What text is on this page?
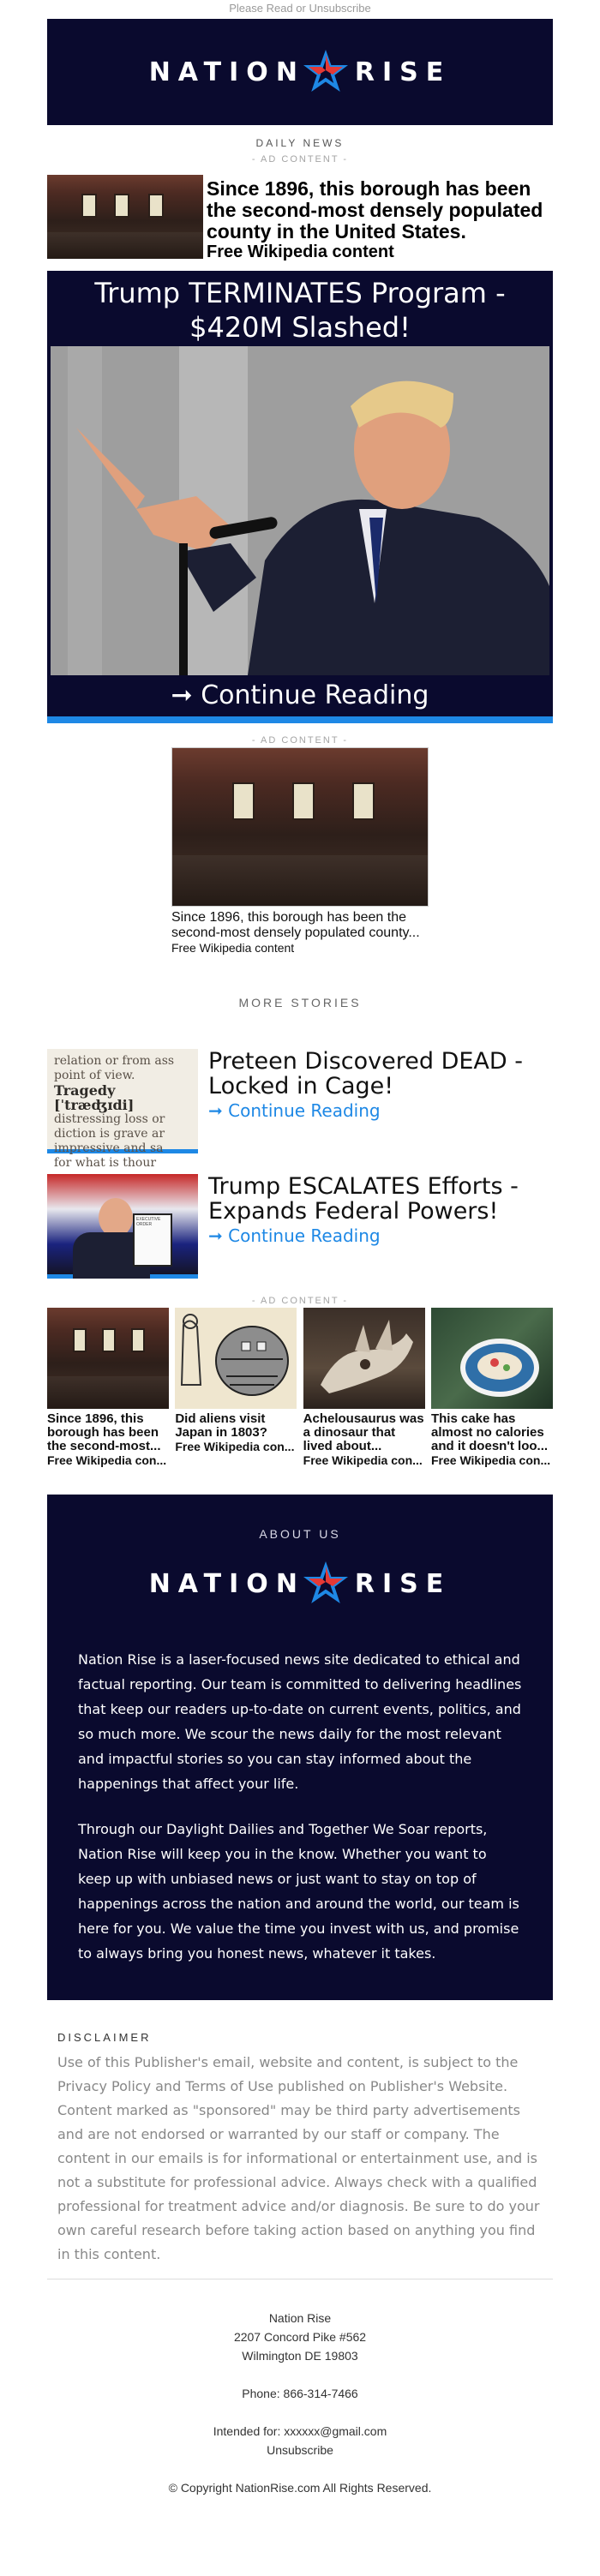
Please Read or Unsubscribe
NATION RISE
DAILY NEWS
- AD CONTENT -
Since 1896, this borough has been the second-most densely populated county in the United States.
Free Wikipedia content
Trump TERMINATES Program - $420M Slashed!
➞ Continue Reading
- AD CONTENT -
Since 1896, this borough has been the second-most densely populated county...
Free Wikipedia content
MORE STORIES
relation or from ass
point of view.
Tragedy [ˈtræʤɪdi]
distressing loss or
diction is grave ar
impressive and sa
for what is thour
Preteen Discovered DEAD - Locked in Cage!
➞ Continue Reading
EXECUTIVE ORDER
Trump ESCALATES Efforts - Expands Federal Powers!
➞ Continue Reading
- AD CONTENT -
Since 1896, this borough has been the second-most...
Free Wikipedia con...
Did aliens visit Japan in 1803?
Free Wikipedia con...
Achelousaurus was a dinosaur that lived about...
Free Wikipedia con...
This cake has almost no calories and it doesn't loo...
Free Wikipedia con...
ABOUT US
NATION RISE

Nation Rise is a laser-focused news site dedicated to ethical and factual reporting. Our team is committed to delivering headlines that keep our readers up-to-date on current events, politics, and so much more. We scour the news daily for the most relevant and impactful stories so you can stay informed about the happenings that affect your life.

Through our Daylight Dailies and Together We Soar reports, Nation Rise will keep you in the know. Whether you want to keep up with unbiased news or just want to stay on top of happenings across the nation and around the world, our team is here for you. We value the time you invest with us, and promise to always bring you honest news, whatever it takes.

DISCLAIMER

Use of this Publisher's email, website and content, is subject to the Privacy Policy and Terms of Use published on Publisher's Website. Content marked as "sponsored" may be third party advertisements and are not endorsed or warranted by our staff or company. The content in our emails is for informational or entertainment use, and is not a substitute for professional advice. Always check with a qualified professional for treatment advice and/or diagnosis. Be sure to do your own careful research before taking action based on anything you find in this content.

Nation Rise
2207 Concord Pike #562
Wilmington DE 19803
Phone: 866-314-7466
Intended for: xxxxxx@gmail.com
Unsubscribe
© Copyright NationRise.com All Rights Reserved.
